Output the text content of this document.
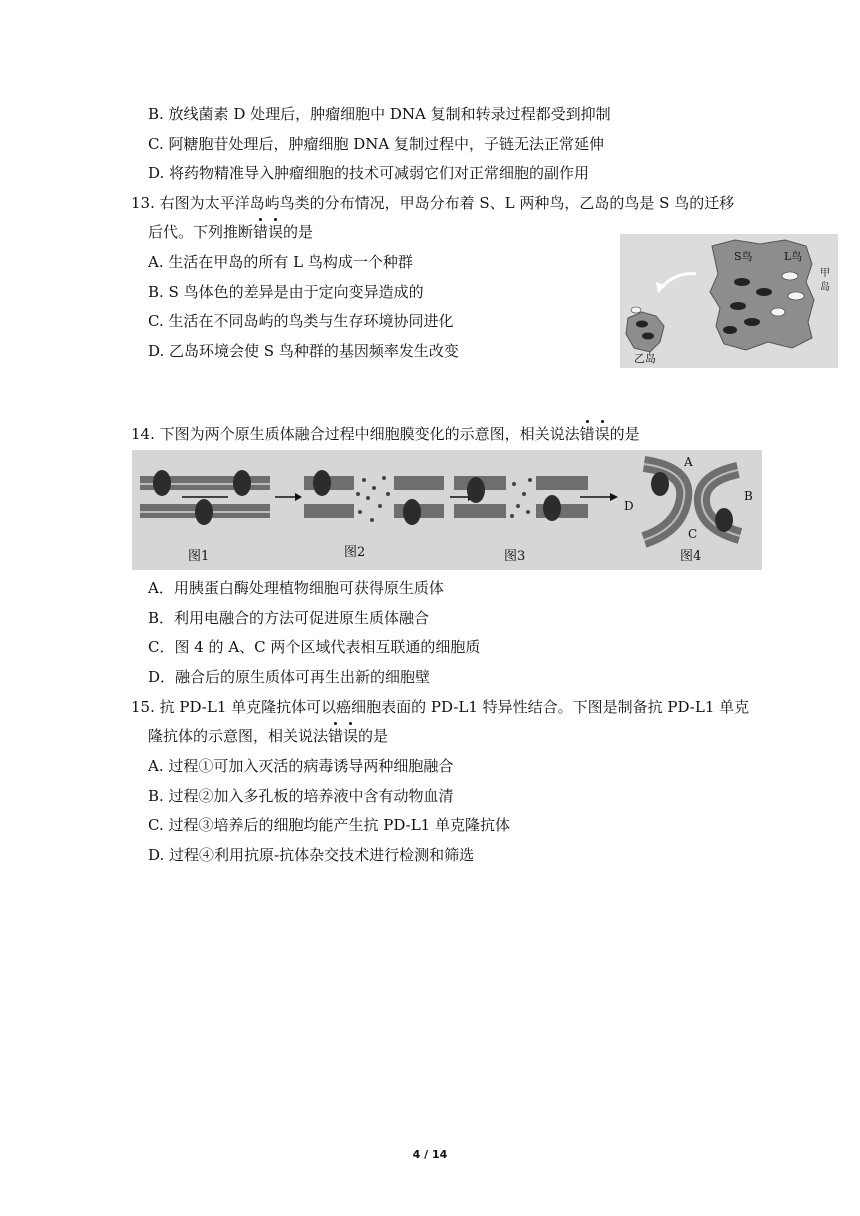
B. 放线菌素 D 处理后，肿瘤细胞中 DNA 复制和转录过程都受到抑制
C. 阿糖胞苷处理后，肿瘤细胞 DNA 复制过程中，子链无法正常延伸
D. 将药物精准导入肿瘤细胞的技术可减弱它们对正常细胞的副作用
13. 右图为太平洋岛屿鸟类的分布情况，甲岛分布着 S、L 两种鸟，乙岛的鸟是 S 鸟的迁移
后代。下列推断错误的是
A. 生活在甲岛的所有 L 鸟构成一个种群
B. S 鸟体色的差异是由于定向变异造成的
C. 生活在不同岛屿的鸟类与生存环境协同进化
D. 乙岛环境会使 S 鸟种群的基因频率发生改变
S鸟	L鸟
甲
岛
乙岛
14. 下图为两个原生质体融合过程中细胞膜变化的示意图，相关说法错误的是
图1	图2	图3
A
B
C
D
图4
A．用胰蛋白酶处理植物细胞可获得原生质体
B．利用电融合的方法可促进原生质体融合
C．图 4 的 A、C 两个区域代表相互联通的细胞质
D．融合后的原生质体可再生出新的细胞壁
15. 抗 PD-L1 单克隆抗体可以癌细胞表面的 PD-L1 特异性结合。下图是制备抗 PD-L1 单克
隆抗体的示意图，相关说法错误的是
A. 过程①可加入灭活的病毒诱导两种细胞融合
B. 过程②加入多孔板的培养液中含有动物血清
C. 过程③培养后的细胞均能产生抗 PD-L1 单克隆抗体
D. 过程④利用抗原-抗体杂交技术进行检测和筛选
4 / 14
